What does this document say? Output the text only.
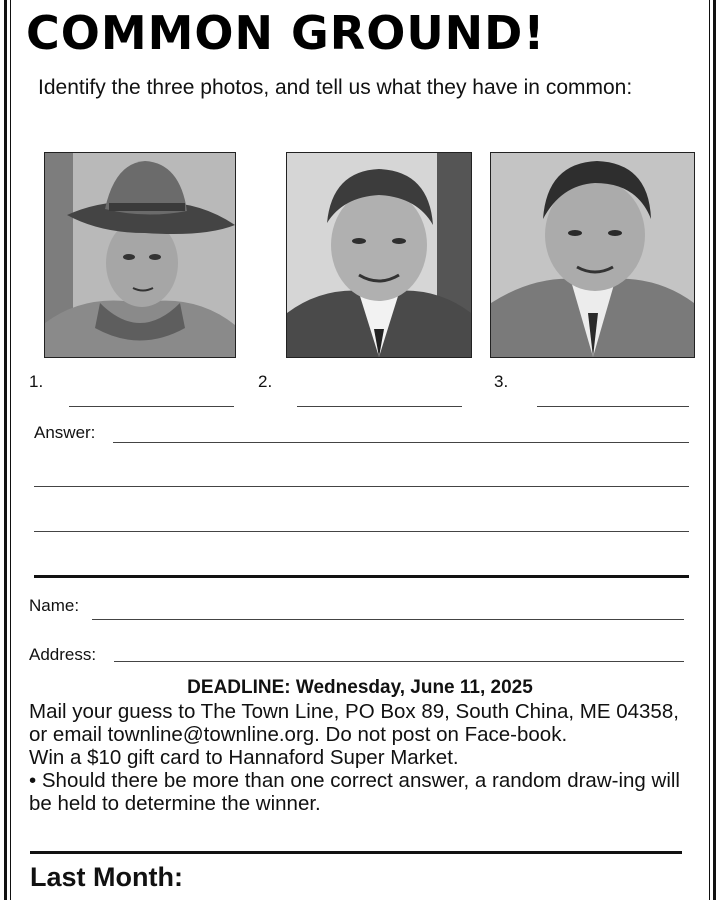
COMMON GROUND!
Identify the three photos, and tell us what they have in common:
1.	2.	3.
Answer:
Name:
Address:
DEADLINE: Wednesday, June 11, 2025

Mail your guess to The Town Line, PO Box 89, South China, ME 04358, or email townline@townline.org. Do not post on Face-book.

Win a $10 gift card to Hannaford Super Market.

• Should there be more than one correct answer, a random draw-ing will be held to determine the winner.

Last Month:
